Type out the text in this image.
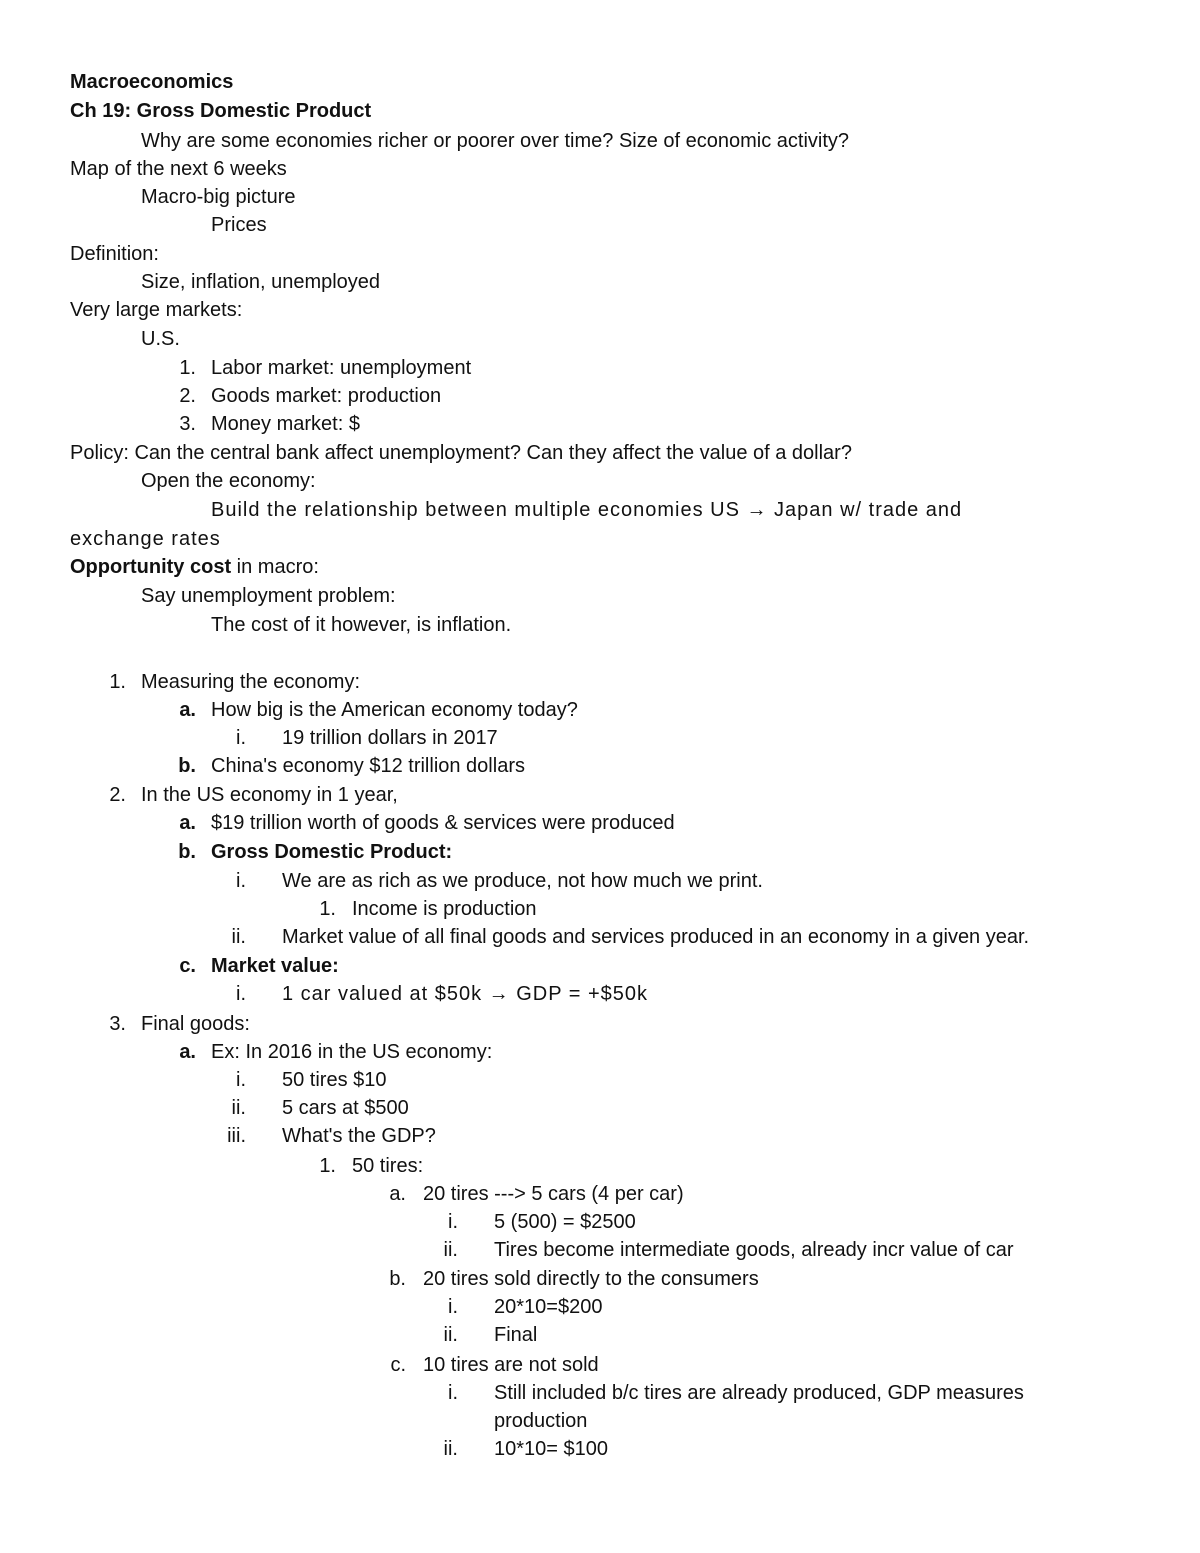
Macroeconomics
Ch 19: Gross Domestic Product
Why are some economies richer or poorer over time? Size of economic activity?
Map of the next 6 weeks
Macro-big picture
Prices
Definition:
Size, inflation, unemployed
Very large markets:
U.S.
1. Labor market: unemployment
2. Goods market: production
3. Money market: $
Policy: Can the central bank affect unemployment? Can they affect the value of a dollar?
Open the economy:
Build the relationship between multiple economies US → Japan w/ trade and
exchange rates
Opportunity cost in macro:
Say unemployment problem:
The cost of it however, is inflation.
1. Measuring the economy:
a. How big is the American economy today?
i. 19 trillion dollars in 2017
b. China's economy $12 trillion dollars
2. In the US economy in 1 year,
a. $19 trillion worth of goods & services were produced
b. Gross Domestic Product:
i. We are as rich as we produce, not how much we print.
1. Income is production
ii. Market value of all final goods and services produced in an economy in a given year.
c. Market value:
i. 1 car valued at $50k → GDP = +$50k
3. Final goods:
a. Ex: In 2016 in the US economy:
i. 50 tires $10
ii. 5 cars at $500
iii. What's the GDP?
1. 50 tires:
a. 20 tires ---> 5 cars (4 per car)
i. 5 (500) = $2500
ii. Tires become intermediate goods, already incr value of car
b. 20 tires sold directly to the consumers
i. 20*10=$200
ii. Final
c. 10 tires are not sold
i. Still included b/c tires are already produced, GDP measures
production
ii. 10*10= $100
